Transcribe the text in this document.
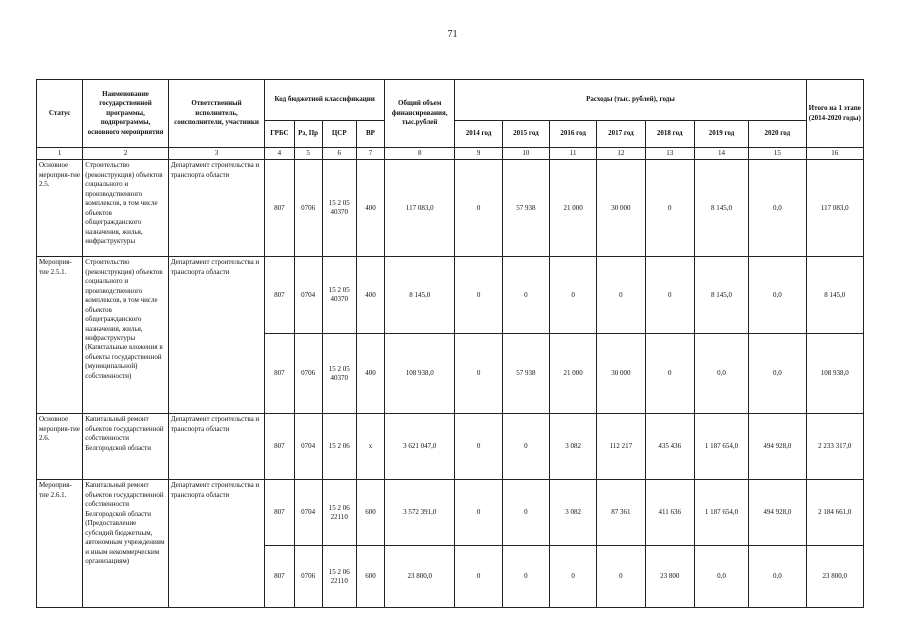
71
Статус	Наименование государственной программы, подпрограммы, основного мероприятия	Ответственный исполнитель, соисполнители, участники	Код бюджетной классификации				Общий объем финансирования, тыс.рублей	Расходы (тыс. рублей), годы							Итого на 1 этапе (2014-2020 годы)
			ГРБС	Рз, Пр	ЦСР	ВР		2014 год	2015 год	2016 год	2017 год	2018 год	2019 год	2020 год	
1	2	3	4	5	6	7	8	9	10	11	12	13	14	15	16
Основное мероприя-тие 2.5.	Строительство (реконструкция) объектов социального и производственного комплексов, в том числе объектов общегражданского назначения, жилья, инфраструктуры	Департамент строительства и транспорта области	807	0706	15 2 05 40370	400	117 083,0	0	57 938	21 000	30 000	0	8 145,0	0,0	117 083,0
Мероприя-тие 2.5.1.	Строительство (реконструкция) объектов социального и производственного комплексов, в том числе объектов общегражданского назначения, жилья, инфраструктуры (Капитальные вложения в объекты государственной (муниципальной) собственности)	Департамент строительства и транспорта области	807	0704	15 2 05 40370	400	8 145,0	0	0	0	0	0	8 145,0	0,0	8 145,0
			807	0706	15 2 05 40370	400	108 938,0	0	57 938	21 000	30 000	0	0,0	0,0	108 938,0
Основное мероприя-тие 2.6.	Капитальный ремонт объектов государственной собственности Белгородской области	Департамент строительства и транспорта области	807	0704	15 2 06	х	3 621 047,0	0	0	3 082	112 217	435 436	1 187 654,0	494 928,0	2 233 317,0
Мероприя-тие 2.6.1.	Капитальный ремонт объектов государственной собственности Белгородской области (Предоставление субсидий бюджетным, автономным учреждениям и иным некоммерческим организациям)	Департамент строительства и транспорта области	807	0704	15 2 06 22110	600	3 572 391,0	0	0	3 082	87 361	411 636	1 187 654,0	494 928,0	2 184 661,0
			807	0706	15 2 06 22110	600	23 800,0	0	0	0	0	23 800	0,0	0,0	23 800,0
